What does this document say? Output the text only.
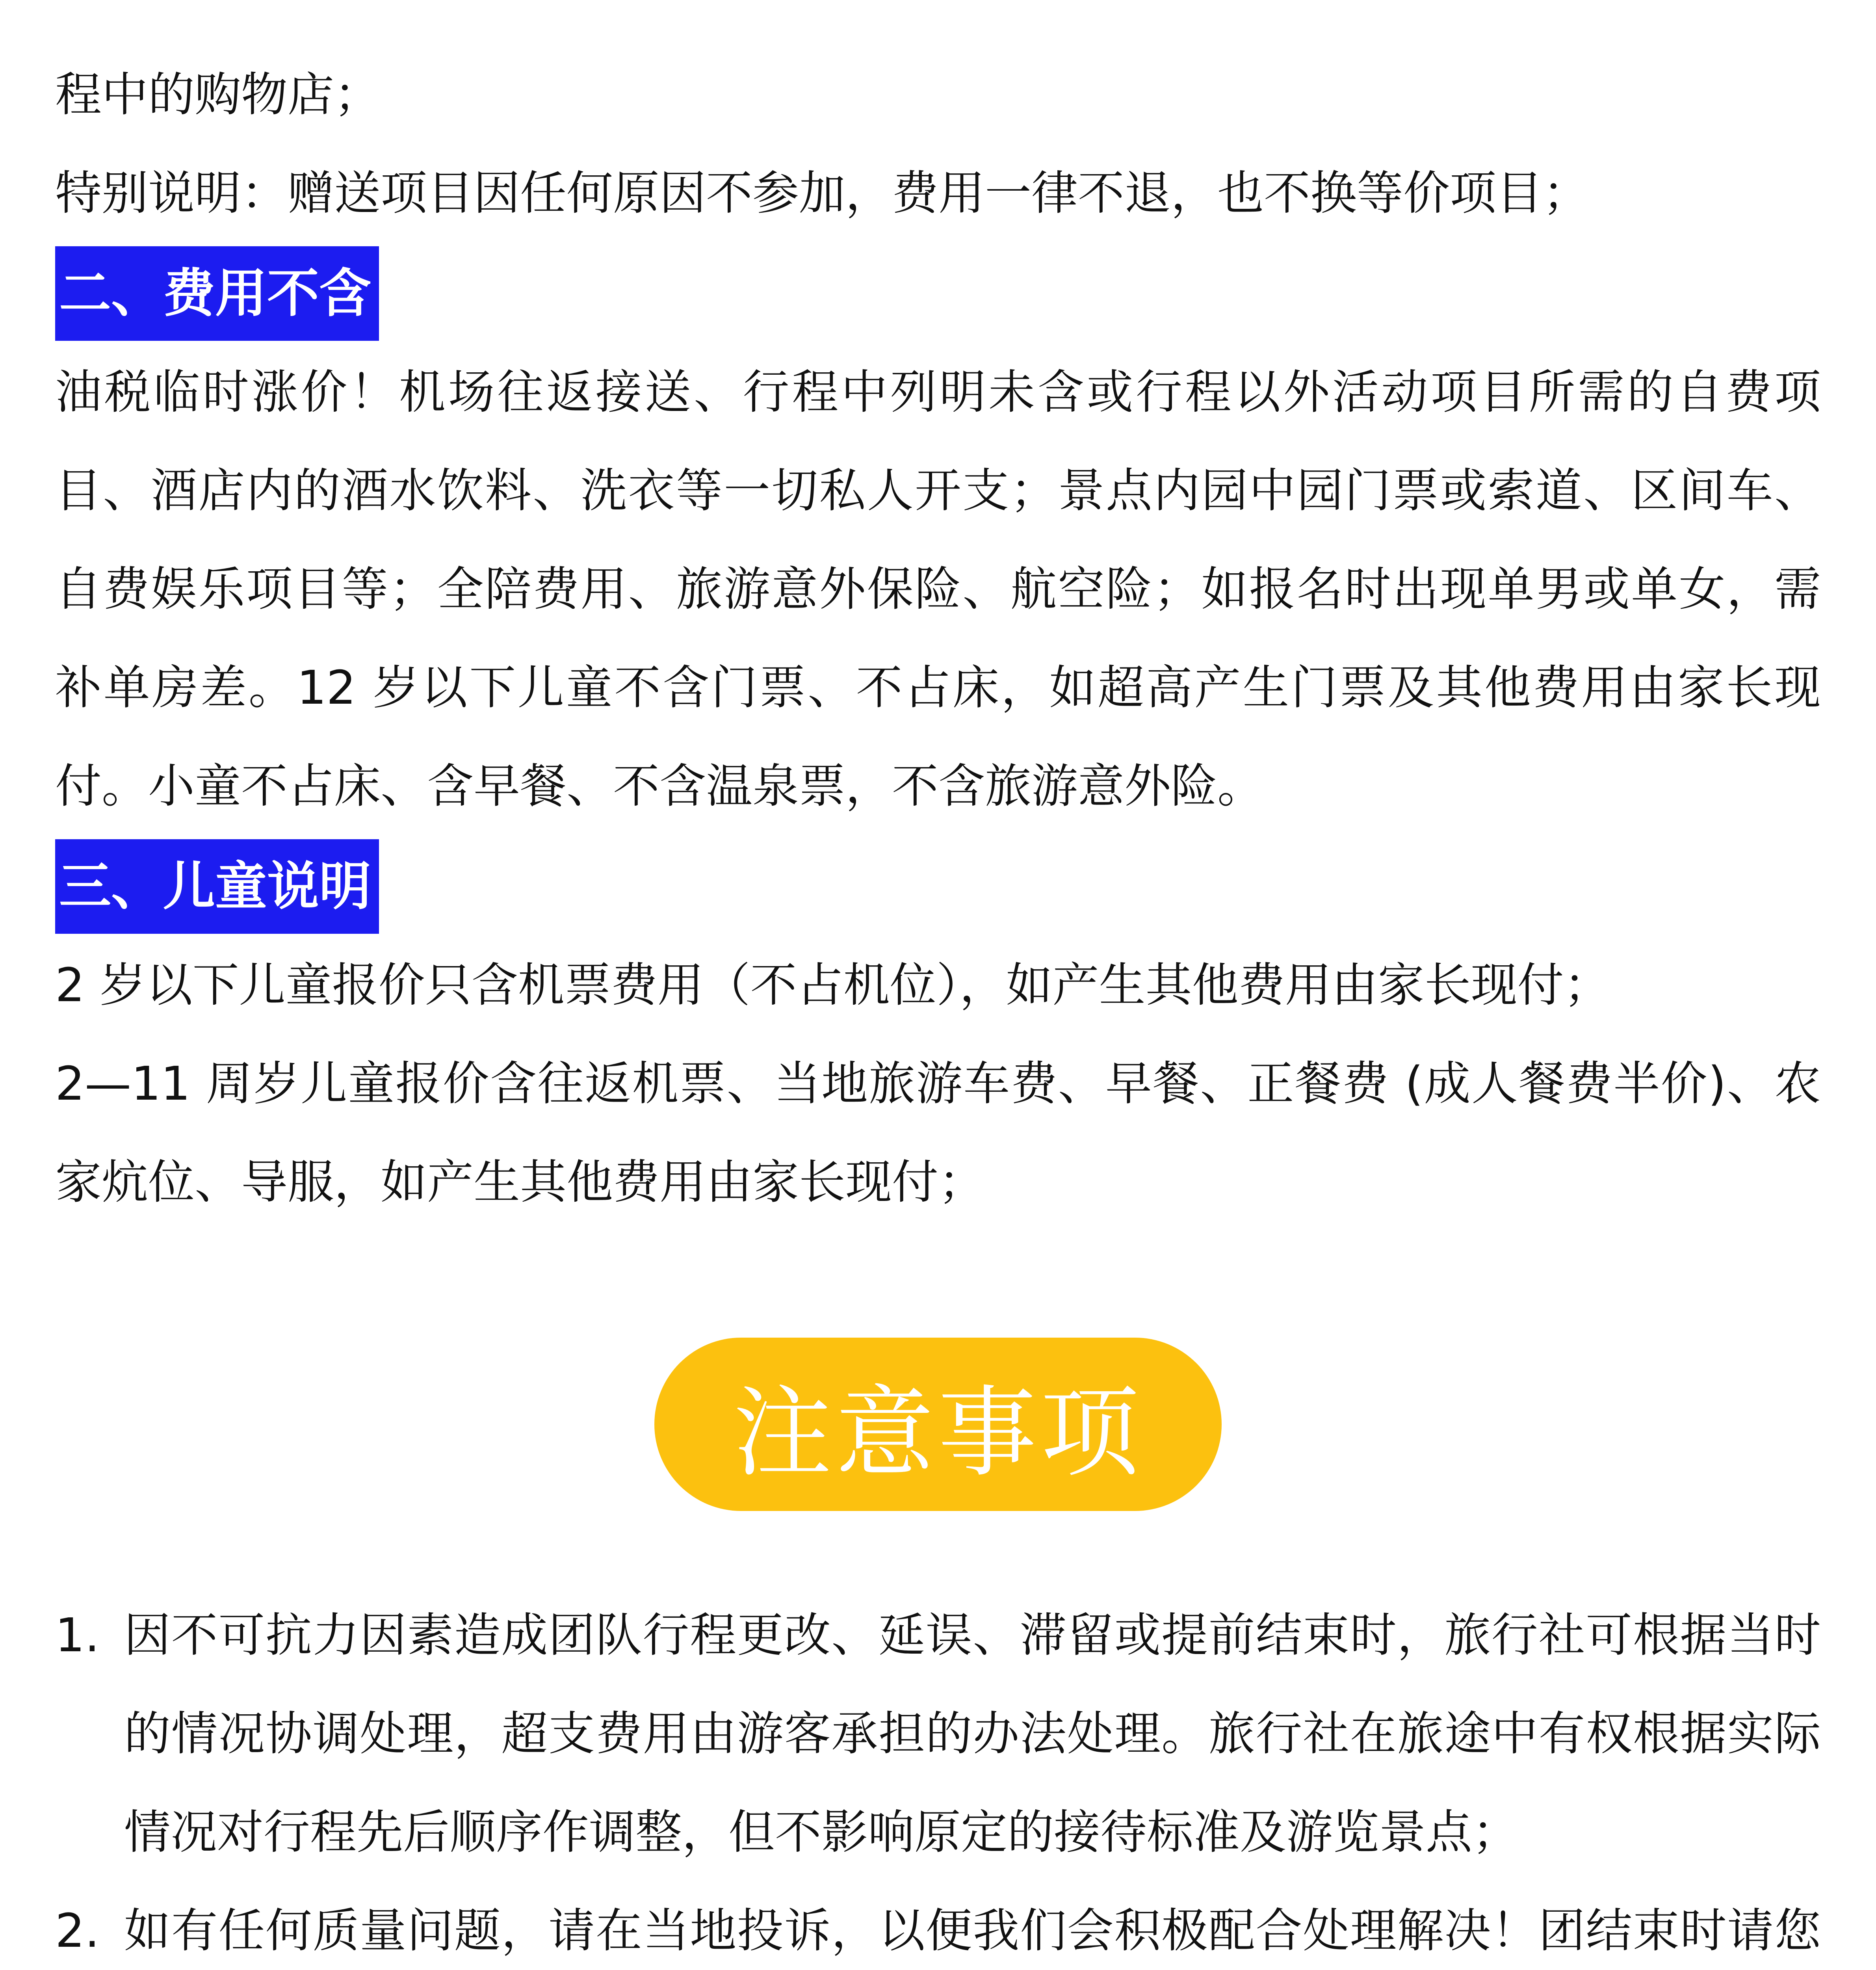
程中的购物店；

特别说明：赠送项目因任何原因不参加，费用一律不退，也不换等价项目；

二、费用不含

油税临时涨价！机场往返接送、行程中列明未含或行程以外活动项目所需的自费项目、酒店内的酒水饮料、洗衣等一切私人开支；景点内园中园门票或索道、区间车、自费娱乐项目等；全陪费用、旅游意外保险、航空险；如报名时出现单男或单女，需补单房差。12 岁以下儿童不含门票、不占床，如超高产生门票及其他费用由家长现付。小童不占床、含早餐、不含温泉票，不含旅游意外险。

三、儿童说明

2 岁以下儿童报价只含机票费用（不占机位），如产生其他费用由家长现付；

2—11 周岁儿童报价含往返机票、当地旅游车费、早餐、正餐费 (成人餐费半价)、农家炕位、导服，如产生其他费用由家长现付；

注意事项
1. 因不可抗力因素造成团队行程更改、延误、滞留或提前结束时，旅行社可根据当时的情况协调处理，超支费用由游客承担的办法处理。旅行社在旅途中有权根据实际情况对行程先后顺序作调整，但不影响原定的接待标准及游览景点；
2. 如有任何质量问题，请在当地投诉，以便我们会积极配合处理解决！团结束时请您
